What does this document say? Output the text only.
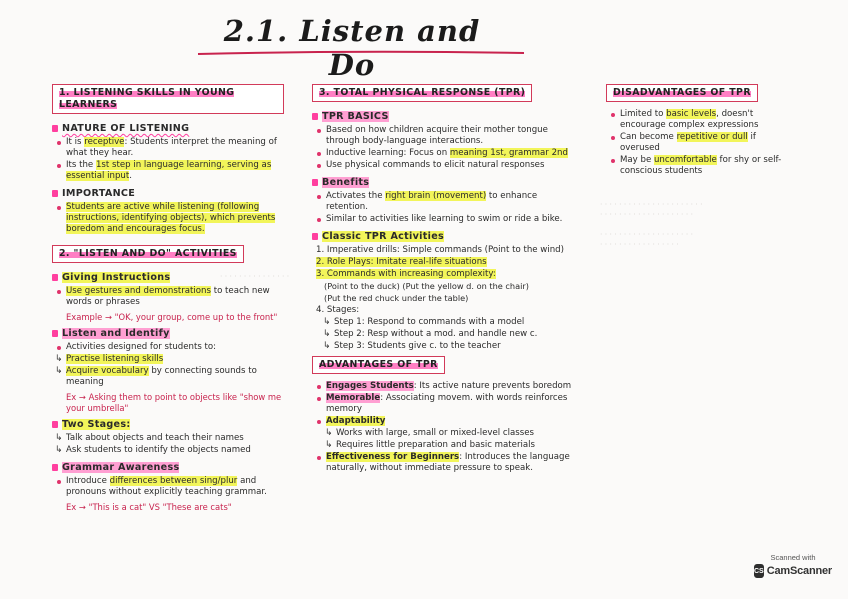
2.1. Listen and Do
· · · · · · · · · · · · · · ·
· · · · · · · · · · · · · · · · · · · · · ·
· · · · · · · · · · · · · · · · · · · ·

· · · · · · · · · · · · · · · · · · · ·
· · · · · · · · · · · · · · · · ·
1. LISTENING SKILLS IN YOUNG LEARNERS
NATURE OF LISTENING
It is receptive: Students interpret the meaning of what they hear.
Its the 1st step in language learning, serving as essential input.
IMPORTANCE
Students are active while listening (following instructions, identifying objects), which prevents boredom and encourages focus.
2. "LISTEN AND DO" ACTIVITIES
Giving Instructions
Use gestures and demonstrations to teach new words or phrases
Example → "OK, your group, come up to the front"
Listen and Identify
Activities designed for students to:
↳ Practise listening skills
↳ Acquire vocabulary by connecting sounds to meaning
Ex → Asking them to point to objects like "show me your umbrella"
Two Stages:
↳ Talk about objects and teach their names
↳ Ask students to identify the objects named
Grammar Awareness
Introduce differences between sing/plur and pronouns without explicitly teaching grammar.
Ex → "This is a cat" VS "These are cats"
3. TOTAL PHYSICAL RESPONSE (TPR)
TPR BASICS
Based on how children acquire their mother tongue through body-language interactions.
Inductive learning: Focus on meaning 1st, grammar 2nd
Use physical commands to elicit natural responses
Benefits
Activates the right brain (movement) to enhance retention.
Similar to activities like learning to swim or ride a bike.
Classic TPR Activities
1. Imperative drills: Simple commands (Point to the wind)
2. Role Plays: Imitate real-life situations
3. Commands with increasing complexity:
(Point to the duck) (Put the yellow d. on the chair)
(Put the red chuck under the table)
4. Stages:
↳ Step 1: Respond to commands with a model
↳ Step 2: Resp without a mod. and handle new c.
↳ Step 3: Students give c. to the teacher
ADVANTAGES OF TPR
Engages Students: Its active nature prevents boredom
Memorable: Associating movem. with words reinforces memory
Adaptability
↳ Works with large, small or mixed-level classes
↳ Requires little preparation and basic materials
Effectiveness for Beginners: Introduces the language naturally, without immediate pressure to speak.
DISADVANTAGES OF TPR
Limited to basic levels, doesn't encourage complex expressions
Can become repetitive or dull if overused
May be uncomfortable for shy or self-conscious students
Scanned with
CS CamScanner
